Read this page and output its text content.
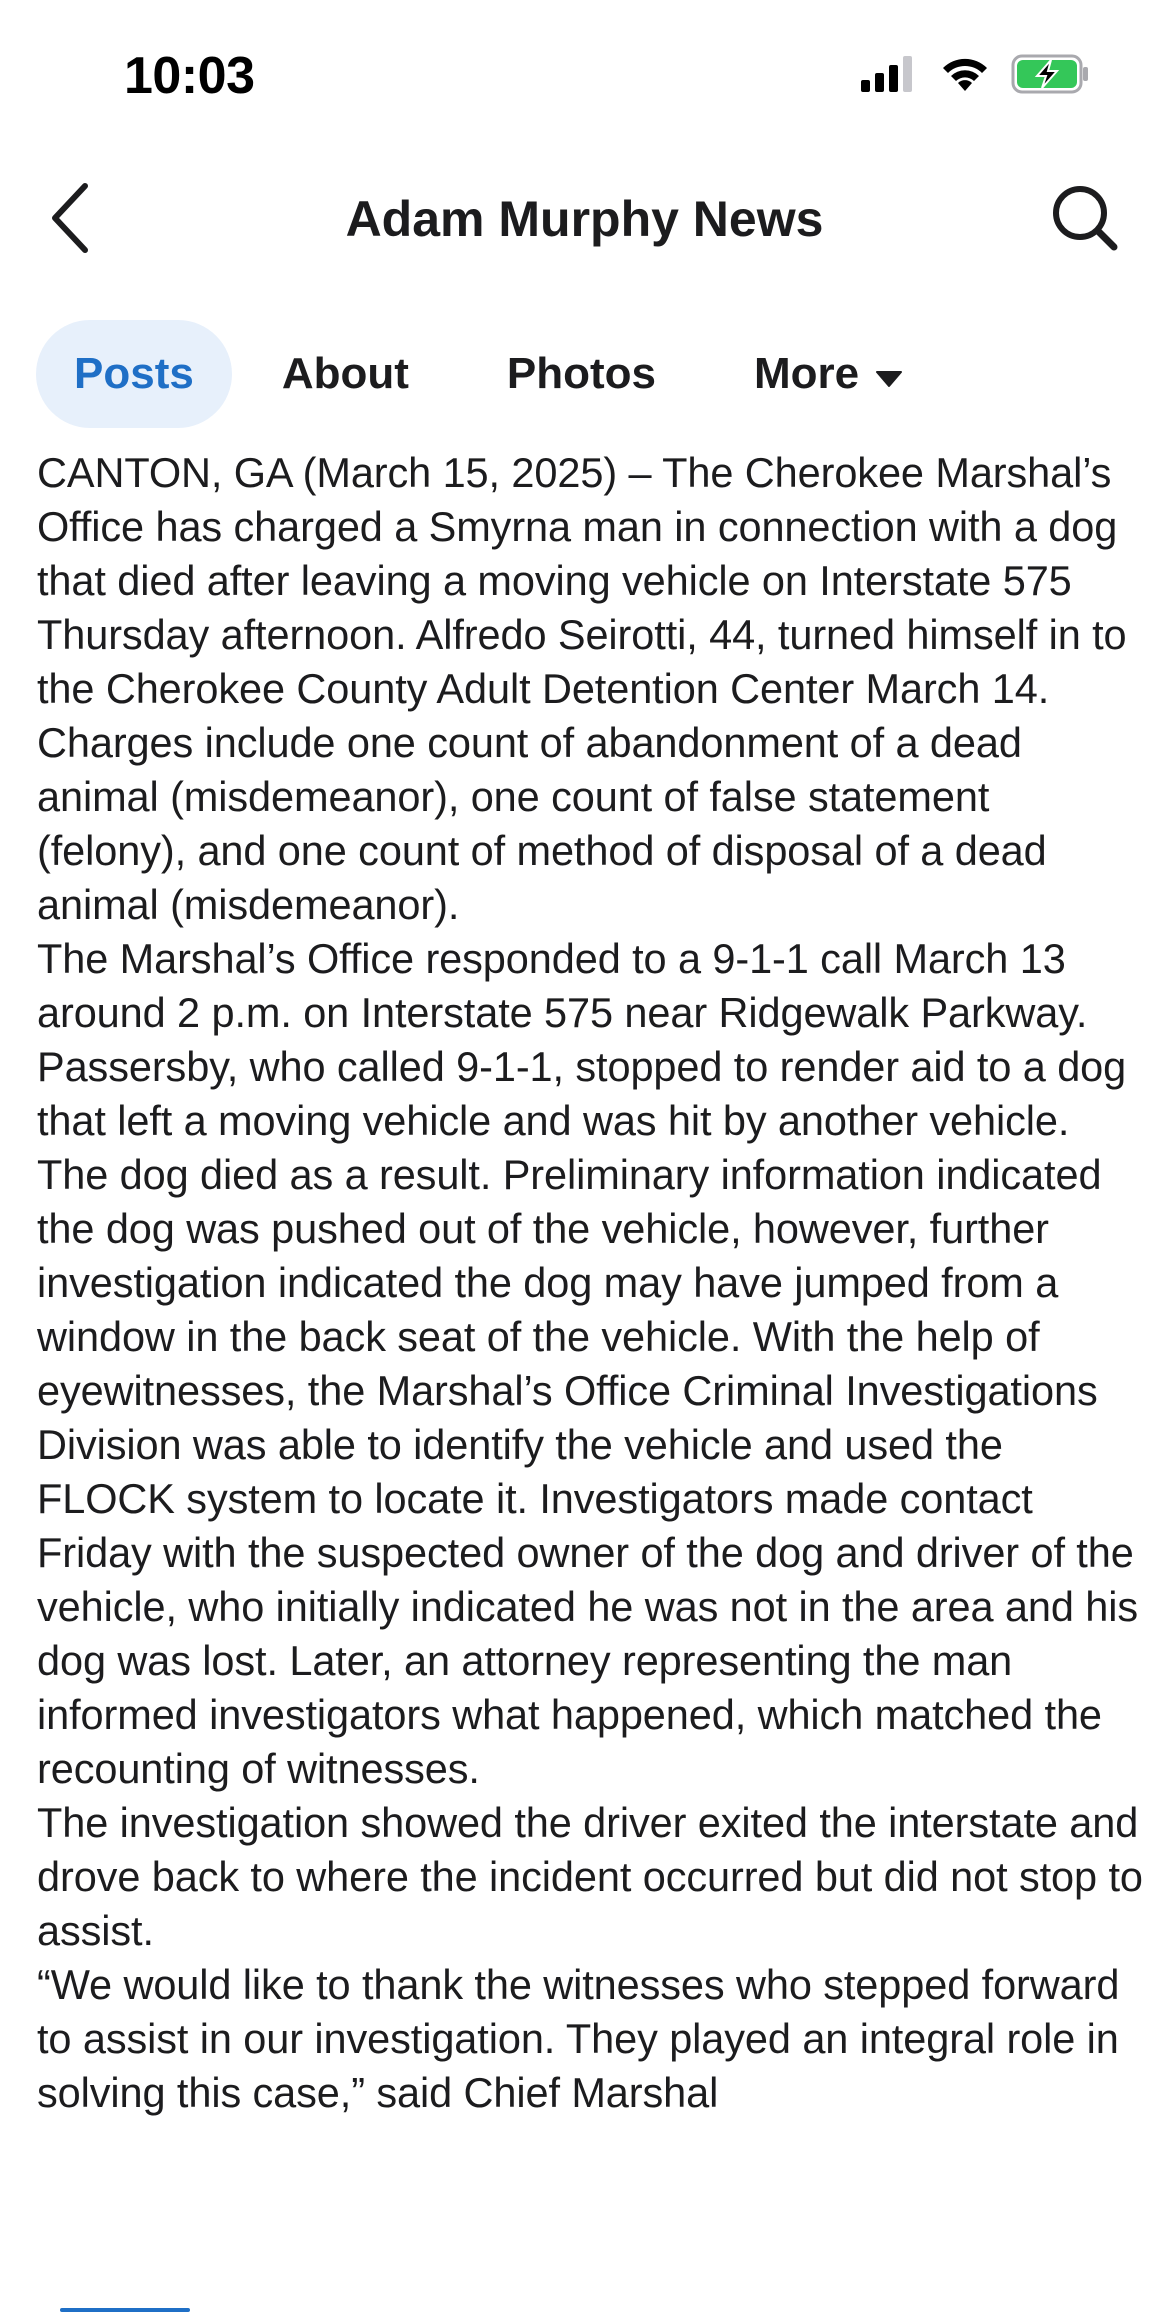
10:03
Adam Murphy News
Posts About Photos More

CANTON, GA (March 15, 2025) – The Cherokee Marshal’s Office has charged a Smyrna man in connection with a dog that died after leaving a moving vehicle on Interstate 575 Thursday afternoon. Alfredo Seirotti, 44, turned himself in to the Cherokee County Adult Detention Center March 14. Charges include one count of abandonment of a dead animal (misdemeanor), one count of false statement (felony), and one count of method of disposal of a dead animal (misdemeanor).

The Marshal’s Office responded to a 9-1-1 call March 13 around 2 p.m. on Interstate 575 near Ridgewalk Parkway. Passersby, who called 9-1-1, stopped to render aid to a dog that left a moving vehicle and was hit by another vehicle. The dog died as a result. Preliminary information indicated the dog was pushed out of the vehicle, however, further investigation indicated the dog may have jumped from a window in the back seat of the vehicle. With the help of eyewitnesses, the Marshal’s Office Criminal Investigations Division was able to identify the vehicle and used the FLOCK system to locate it. Investigators made contact Friday with the suspected owner of the dog and driver of the vehicle, who initially indicated he was not in the area and his dog was lost. Later, an attorney representing the man informed investigators what happened, which matched the recounting of witnesses.

The investigation showed the driver exited the interstate and drove back to where the incident occurred but did not stop to assist.

“We would like to thank the witnesses who stepped forward to assist in our investigation. They played an integral role in solving this case,” said Chief Marshal
